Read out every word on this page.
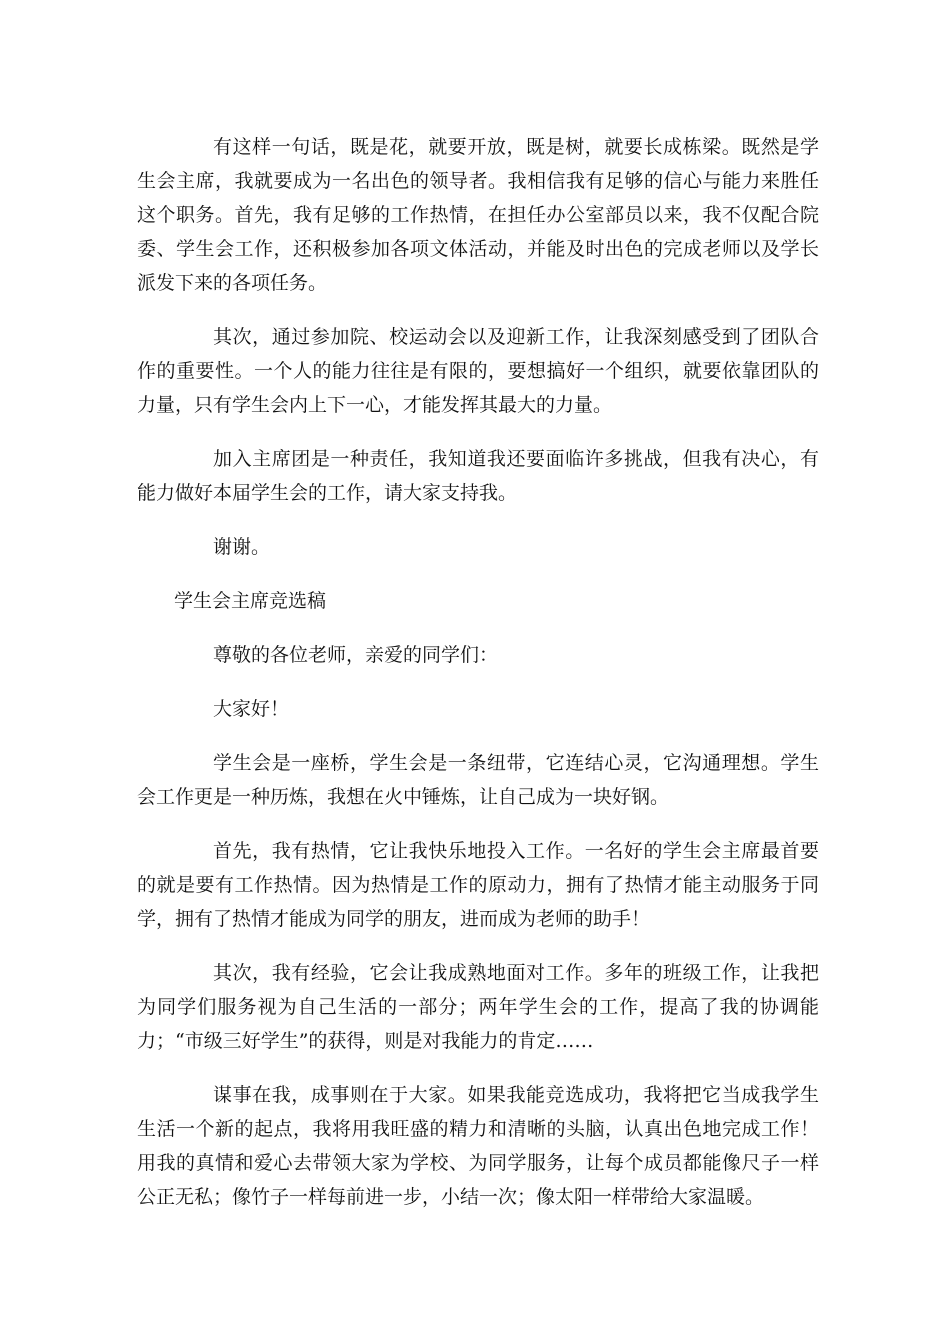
有这样一句话，既是花，就要开放，既是树，就要长成栋梁。既然是学生会主席，我就要成为一名出色的领导者。我相信我有足够的信心与能力来胜任这个职务。首先，我有足够的工作热情，在担任办公室部员以来，我不仅配合院委、学生会工作，还积极参加各项文体活动，并能及时出色的完成老师以及学长派发下来的各项任务。

其次，通过参加院、校运动会以及迎新工作，让我深刻感受到了团队合作的重要性。一个人的能力往往是有限的，要想搞好一个组织，就要依靠团队的力量，只有学生会内上下一心，才能发挥其最大的力量。

加入主席团是一种责任，我知道我还要面临许多挑战，但我有决心，有能力做好本届学生会的工作，请大家支持我。

谢谢。

学生会主席竞选稿

尊敬的各位老师，亲爱的同学们：

大家好！

学生会是一座桥，学生会是一条纽带，它连结心灵，它沟通理想。学生会工作更是一种历炼，我想在火中锤炼，让自己成为一块好钢。

首先，我有热情，它让我快乐地投入工作。一名好的学生会主席最首要的就是要有工作热情。因为热情是工作的原动力，拥有了热情才能主动服务于同学，拥有了热情才能成为同学的朋友，进而成为老师的助手！

其次，我有经验，它会让我成熟地面对工作。多年的班级工作，让我把为同学们服务视为自己生活的一部分；两年学生会的工作，提高了我的协调能力；“市级三好学生”的获得，则是对我能力的肯定……

谋事在我，成事则在于大家。如果我能竞选成功，我将把它当成我学生生活一个新的起点，我将用我旺盛的精力和清晰的头脑，认真出色地完成工作！用我的真情和爱心去带领大家为学校、为同学服务，让每个成员都能像尺子一样公正无私；像竹子一样每前进一步，小结一次；像太阳一样带给大家温暖。
